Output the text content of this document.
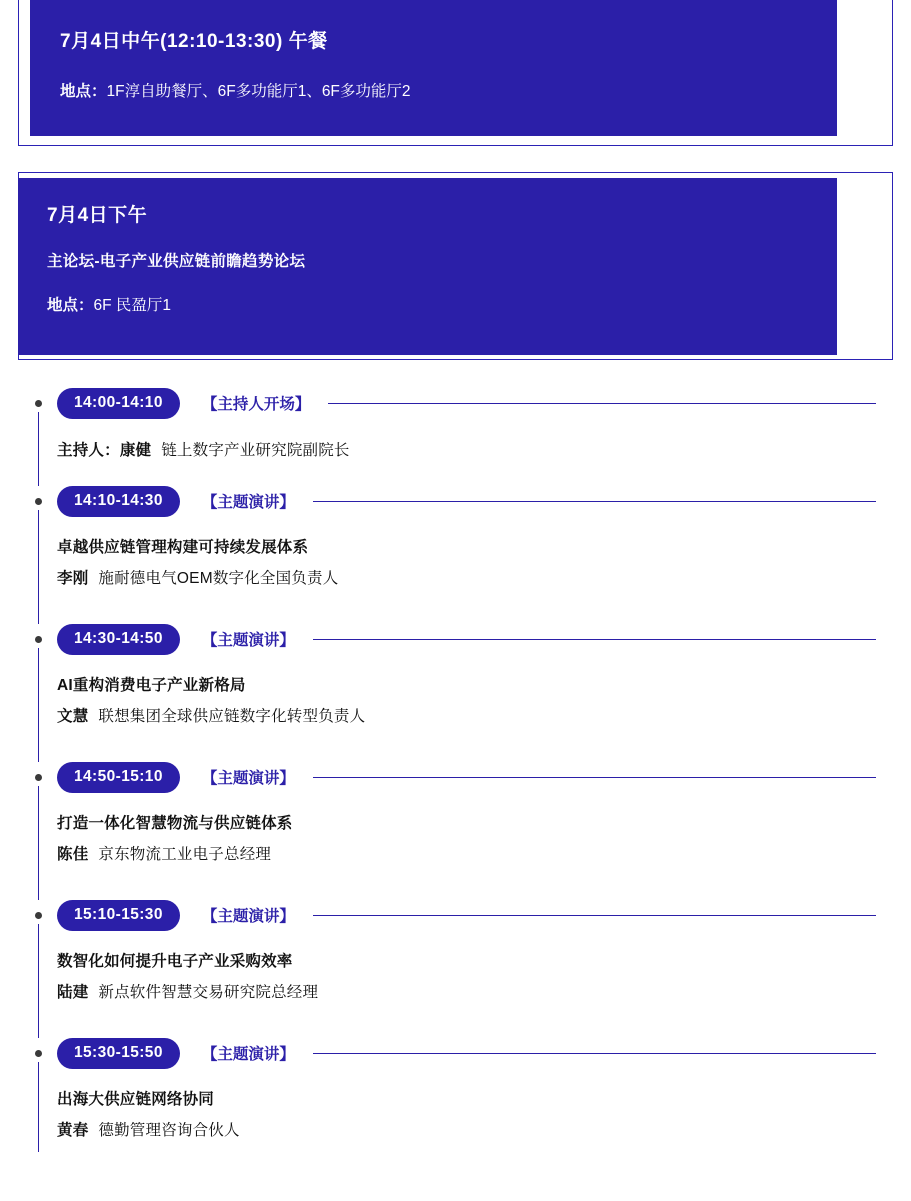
7月4日中午(12:10-13:30) 午餐
地点：1F淳自助餐厅、6F多功能厅1、6F多功能厅2
7月4日下午
主论坛-电子产业供应链前瞻趋势论坛
地点：6F 民盈厅1
14:00-14:10	【主持人开场】
主持人：康健 链上数字产业研究院副院长
14:10-14:30	【主题演讲】
卓越供应链管理构建可持续发展体系
李刚 施耐德电气OEM数字化全国负责人
14:30-14:50	【主题演讲】
AI重构消费电子产业新格局
文慧 联想集团全球供应链数字化转型负责人
14:50-15:10	【主题演讲】
打造一体化智慧物流与供应链体系
陈佳 京东物流工业电子总经理
15:10-15:30	【主题演讲】
数智化如何提升电子产业采购效率
陆建 新点软件智慧交易研究院总经理
15:30-15:50	【主题演讲】
出海大供应链网络协同
黄春 德勤管理咨询合伙人
